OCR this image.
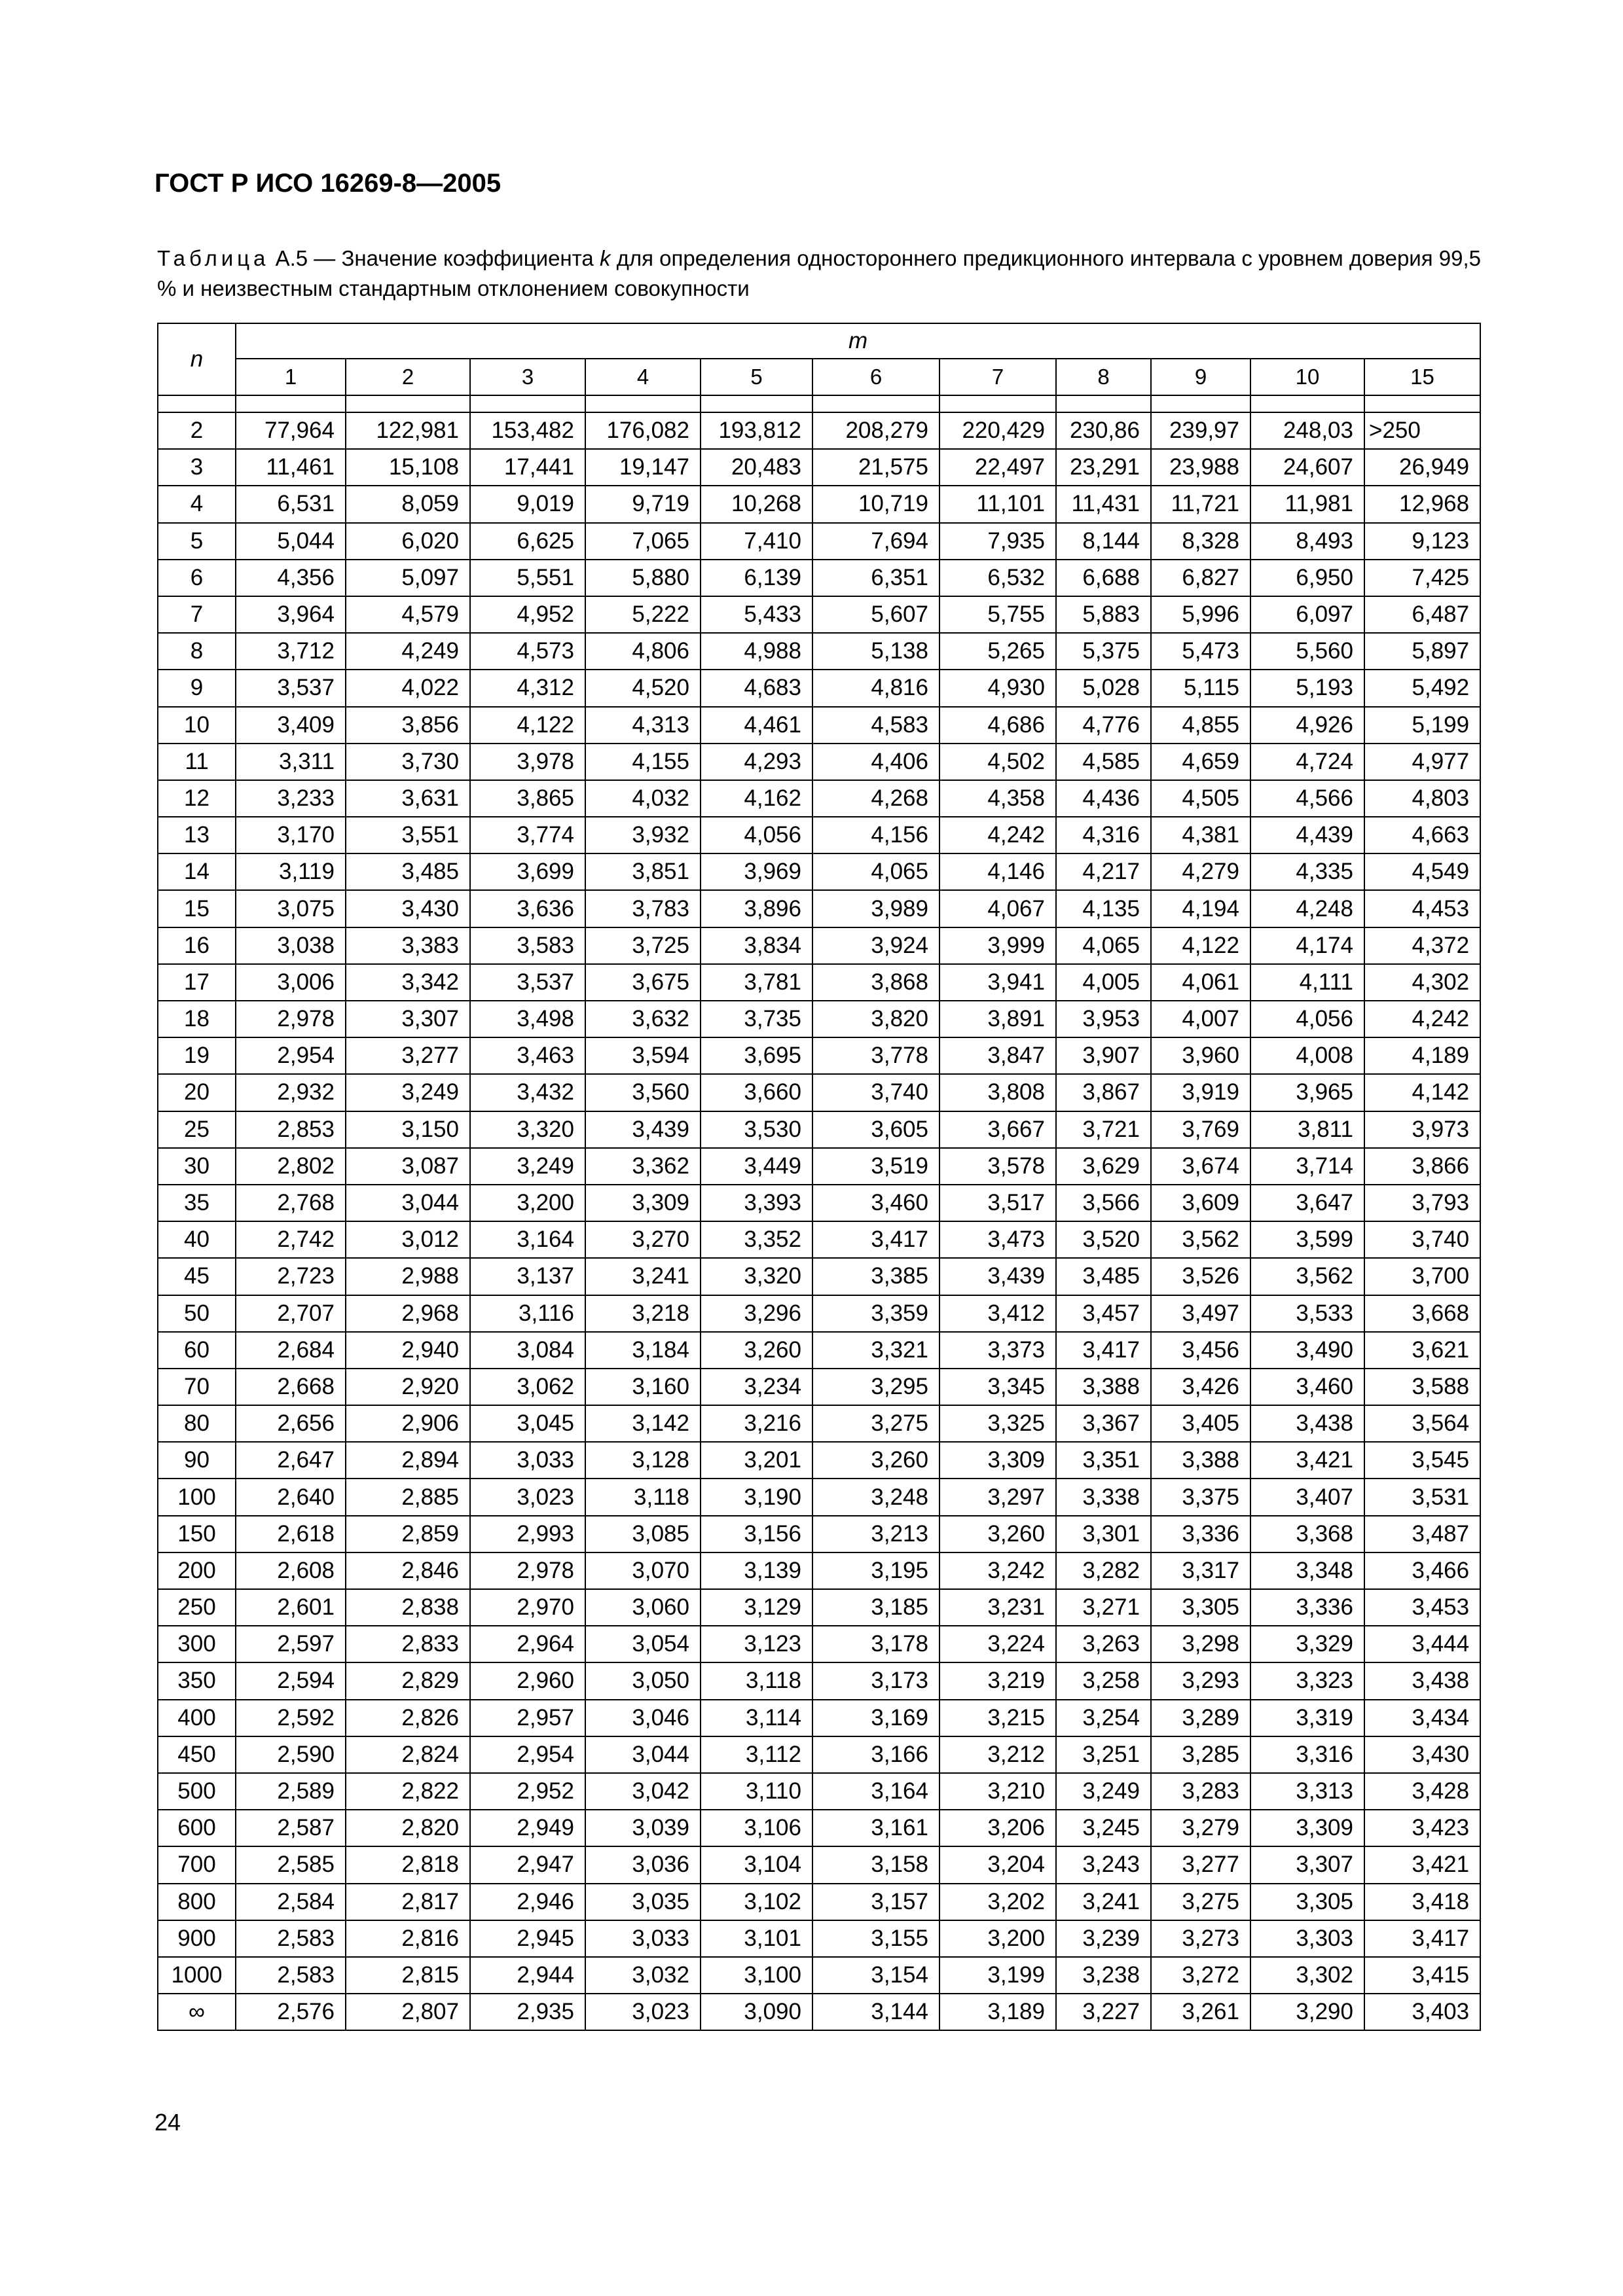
ГОСТ Р ИСО 16269-8—2005
Таблица А.5 — Значение коэффициента k для определения одностороннего предикционного интервала с уровнем доверия 99,5 % и неизвестным стандартным отклонением совокупности
n	m										
	1	2	3	4	5	6	7	8	9	10	15

2	77,964	122,981	153,482	176,082	193,812	208,279	220,429	230,86	239,97	248,03	>250
3	11,461	15,108	17,441	19,147	20,483	21,575	22,497	23,291	23,988	24,607	26,949
4	6,531	8,059	9,019	9,719	10,268	10,719	11,101	11,431	11,721	11,981	12,968
5	5,044	6,020	6,625	7,065	7,410	7,694	7,935	8,144	8,328	8,493	9,123
6	4,356	5,097	5,551	5,880	6,139	6,351	6,532	6,688	6,827	6,950	7,425
7	3,964	4,579	4,952	5,222	5,433	5,607	5,755	5,883	5,996	6,097	6,487
8	3,712	4,249	4,573	4,806	4,988	5,138	5,265	5,375	5,473	5,560	5,897
9	3,537	4,022	4,312	4,520	4,683	4,816	4,930	5,028	5,115	5,193	5,492
10	3,409	3,856	4,122	4,313	4,461	4,583	4,686	4,776	4,855	4,926	5,199
11	3,311	3,730	3,978	4,155	4,293	4,406	4,502	4,585	4,659	4,724	4,977
12	3,233	3,631	3,865	4,032	4,162	4,268	4,358	4,436	4,505	4,566	4,803
13	3,170	3,551	3,774	3,932	4,056	4,156	4,242	4,316	4,381	4,439	4,663
14	3,119	3,485	3,699	3,851	3,969	4,065	4,146	4,217	4,279	4,335	4,549
15	3,075	3,430	3,636	3,783	3,896	3,989	4,067	4,135	4,194	4,248	4,453
16	3,038	3,383	3,583	3,725	3,834	3,924	3,999	4,065	4,122	4,174	4,372
17	3,006	3,342	3,537	3,675	3,781	3,868	3,941	4,005	4,061	4,111	4,302
18	2,978	3,307	3,498	3,632	3,735	3,820	3,891	3,953	4,007	4,056	4,242
19	2,954	3,277	3,463	3,594	3,695	3,778	3,847	3,907	3,960	4,008	4,189
20	2,932	3,249	3,432	3,560	3,660	3,740	3,808	3,867	3,919	3,965	4,142
25	2,853	3,150	3,320	3,439	3,530	3,605	3,667	3,721	3,769	3,811	3,973
30	2,802	3,087	3,249	3,362	3,449	3,519	3,578	3,629	3,674	3,714	3,866
35	2,768	3,044	3,200	3,309	3,393	3,460	3,517	3,566	3,609	3,647	3,793
40	2,742	3,012	3,164	3,270	3,352	3,417	3,473	3,520	3,562	3,599	3,740
45	2,723	2,988	3,137	3,241	3,320	3,385	3,439	3,485	3,526	3,562	3,700
50	2,707	2,968	3,116	3,218	3,296	3,359	3,412	3,457	3,497	3,533	3,668
60	2,684	2,940	3,084	3,184	3,260	3,321	3,373	3,417	3,456	3,490	3,621
70	2,668	2,920	3,062	3,160	3,234	3,295	3,345	3,388	3,426	3,460	3,588
80	2,656	2,906	3,045	3,142	3,216	3,275	3,325	3,367	3,405	3,438	3,564
90	2,647	2,894	3,033	3,128	3,201	3,260	3,309	3,351	3,388	3,421	3,545
100	2,640	2,885	3,023	3,118	3,190	3,248	3,297	3,338	3,375	3,407	3,531
150	2,618	2,859	2,993	3,085	3,156	3,213	3,260	3,301	3,336	3,368	3,487
200	2,608	2,846	2,978	3,070	3,139	3,195	3,242	3,282	3,317	3,348	3,466
250	2,601	2,838	2,970	3,060	3,129	3,185	3,231	3,271	3,305	3,336	3,453
300	2,597	2,833	2,964	3,054	3,123	3,178	3,224	3,263	3,298	3,329	3,444
350	2,594	2,829	2,960	3,050	3,118	3,173	3,219	3,258	3,293	3,323	3,438
400	2,592	2,826	2,957	3,046	3,114	3,169	3,215	3,254	3,289	3,319	3,434
450	2,590	2,824	2,954	3,044	3,112	3,166	3,212	3,251	3,285	3,316	3,430
500	2,589	2,822	2,952	3,042	3,110	3,164	3,210	3,249	3,283	3,313	3,428
600	2,587	2,820	2,949	3,039	3,106	3,161	3,206	3,245	3,279	3,309	3,423
700	2,585	2,818	2,947	3,036	3,104	3,158	3,204	3,243	3,277	3,307	3,421
800	2,584	2,817	2,946	3,035	3,102	3,157	3,202	3,241	3,275	3,305	3,418
900	2,583	2,816	2,945	3,033	3,101	3,155	3,200	3,239	3,273	3,303	3,417
1000	2,583	2,815	2,944	3,032	3,100	3,154	3,199	3,238	3,272	3,302	3,415
∞	2,576	2,807	2,935	3,023	3,090	3,144	3,189	3,227	3,261	3,290	3,403
24
